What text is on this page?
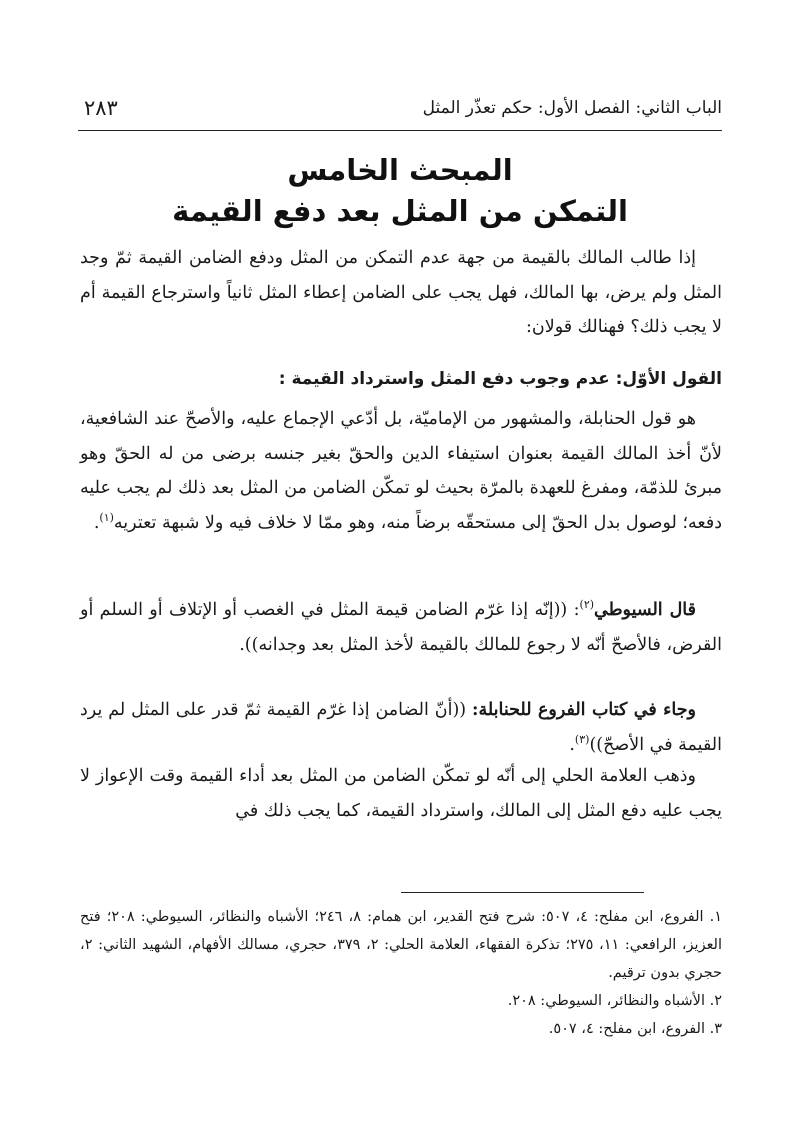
الباب الثاني: الفصل الأول: حكم تعذّر المثل
٢٨٣
المبحث الخامس
التمكن من المثل بعد دفع القيمة

إذا طالب المالك بالقيمة من جهة عدم التمكن من المثل ودفع الضامن القيمة ثمّ وجد المثل ولم يرض، بها المالك، فهل يجب على الضامن إعطاء المثل ثانياً واسترجاع القيمة أم لا يجب ذلك؟ فهنالك قولان:

القول الأوّل: عدم وجوب دفع المثل واسترداد القيمة :

هو قول الحنابلة، والمشهور من الإماميّة، بل أدّعي الإجماع عليه، والأصحّ عند الشافعية، لأنّ أخذ المالك القيمة بعنوان استيفاء الدين والحقّ بغير جنسه برضى من له الحقّ وهو مبرئ للذمّة، ومفرغ للعهدة بالمرّة بحيث لو تمكّن الضامن من المثل بعد ذلك لم يجب عليه دفعه؛ لوصول بدل الحقّ إلى مستحقّه برضاً منه، وهو ممّا لا خلاف فيه ولا شبهة تعتريه$^{(١)}$.

قال السيوطي$^{(٢)}$: ((إنّه إذا غرّم الضامن قيمة المثل في الغصب أو الإتلاف أو السلم أو القرض، فالأصحّ أنّه لا رجوع للمالك بالقيمة لأخذ المثل بعد وجدانه)).

وجاء في كتاب الفروع للحنابلة: ((أنّ الضامن إذا غرّم القيمة ثمّ قدر على المثل لم يرد القيمة في الأصحّ))$^{(٣)}$.

وذهب العلامة الحلي إلى أنّه لو تمكّن الضامن من المثل بعد أداء القيمة وقت الإعواز لا يجب عليه دفع المثل إلى المالك، واسترداد القيمة، كما يجب ذلك في

١. الفروع، ابن مفلح: ٤، ٥٠٧: شرح فتح القدير، ابن همام: ٨، ٢٤٦؛ الأشباه والنظائر، السيوطي: ٢٠٨؛ فتح العزيز، الرافعي: ١١، ٢٧٥؛ تذكرة الفقهاء، العلامة الحلي: ٢، ٣٧٩، حجري، مسالك الأفهام، الشهيد الثاني: ٢، حجري بدون ترقيم.

٢. الأشباه والنظائر، السيوطي: ٢٠٨.

٣. الفروع، ابن مفلح: ٤، ٥٠٧.
